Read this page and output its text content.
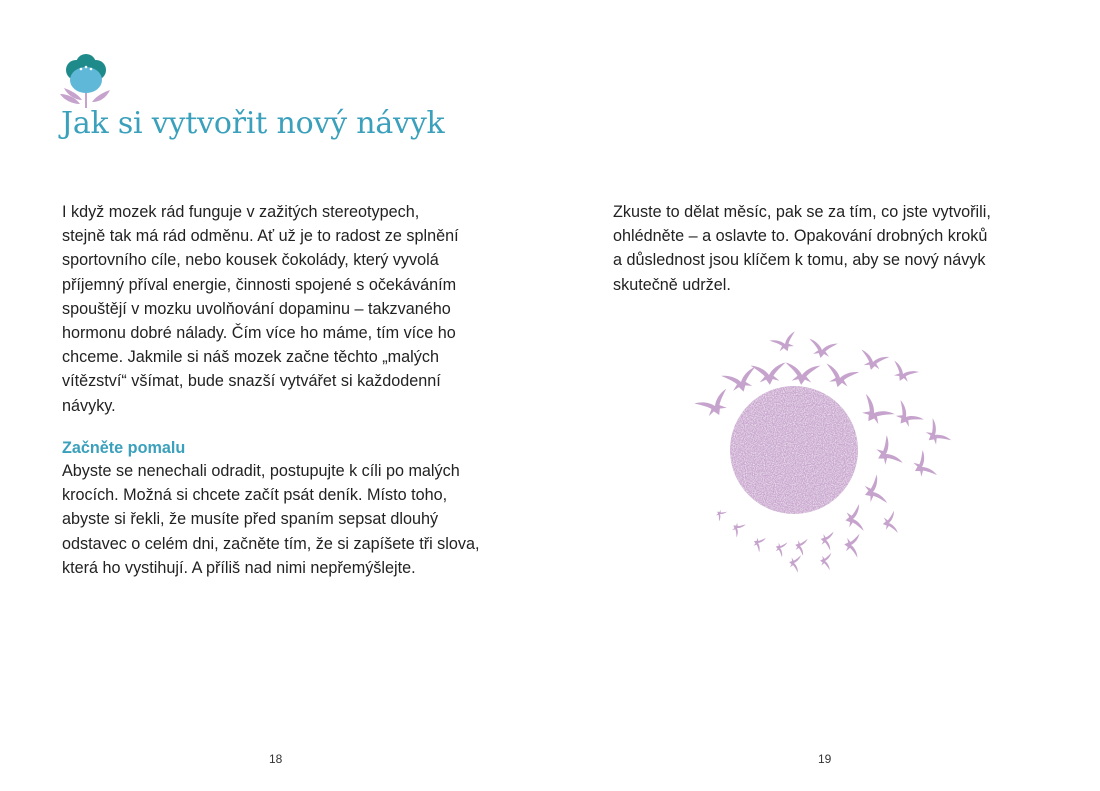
Jak si vytvořit nový návyk
I když mozek rád funguje v zažitých stereotypech,
stejně tak má rád odměnu. Ať už je to radost ze splnění
sportovního cíle, nebo kousek čokolády, který vyvolá
příjemný příval energie, činnosti spojené s očekáváním
spouštějí v mozku uvolňování dopaminu – takzvaného
hormonu dobré nálady. Čím více ho máme, tím více ho
chceme. Jakmile si náš mozek začne těchto „malých
vítězství“ všímat, bude snazší vytvářet si každodenní
návyky.
Začněte pomalu
Abyste se nenechali odradit, postupujte k cíli po malých
krocích. Možná si chcete začít psát deník. Místo toho,
abyste si řekli, že musíte před spaním sepsat dlouhý
odstavec o celém dni, začněte tím, že si zapíšete tři slova,
která ho vystihují. A příliš nad nimi nepřemýšlejte.
Zkuste to dělat měsíc, pak se za tím, co jste vytvořili,
ohlédněte – a oslavte to. Opakování drobných kroků
a důslednost jsou klíčem k tomu, aby se nový návyk
skutečně udržel.
18	19
